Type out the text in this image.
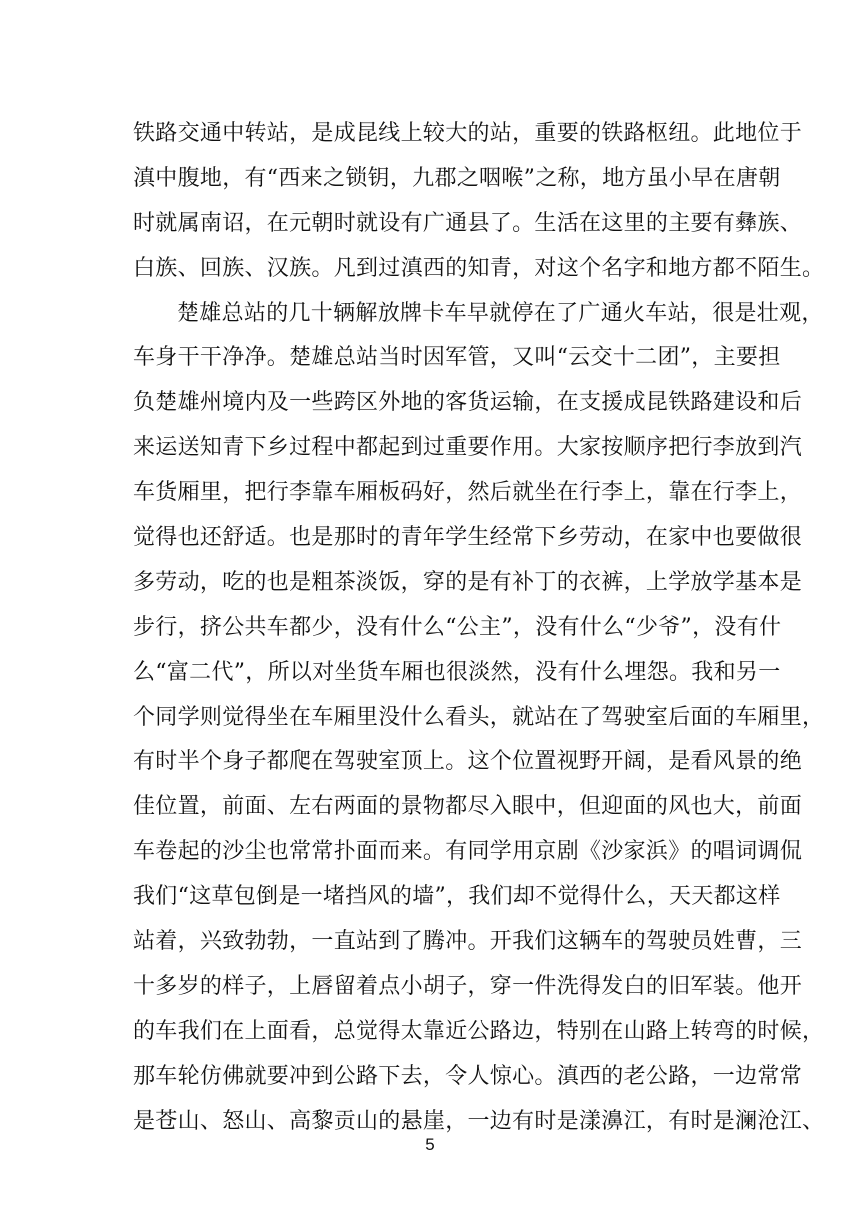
铁路交通中转站，是成昆线上较大的站，重要的铁路枢纽。此地位于
滇中腹地，有“西来之锁钥，九郡之咽喉”之称，地方虽小早在唐朝
时就属南诏，在元朝时就设有广通县了。生活在这里的主要有彝族、
白族、回族、汉族。凡到过滇西的知青，对这个名字和地方都不陌生。
楚雄总站的几十辆解放牌卡车早就停在了广通火车站，很是壮观，
车身干干净净。楚雄总站当时因军管，又叫“云交十二团”，主要担
负楚雄州境内及一些跨区外地的客货运输，在支援成昆铁路建设和后
来运送知青下乡过程中都起到过重要作用。大家按顺序把行李放到汽
车货厢里，把行李靠车厢板码好，然后就坐在行李上，靠在行李上，
觉得也还舒适。也是那时的青年学生经常下乡劳动，在家中也要做很
多劳动，吃的也是粗茶淡饭，穿的是有补丁的衣裤，上学放学基本是
步行，挤公共车都少，没有什么“公主”，没有什么“少爷”，没有什
么“富二代”，所以对坐货车厢也很淡然，没有什么埋怨。我和另一
个同学则觉得坐在车厢里没什么看头，就站在了驾驶室后面的车厢里，
有时半个身子都爬在驾驶室顶上。这个位置视野开阔，是看风景的绝
佳位置，前面、左右两面的景物都尽入眼中，但迎面的风也大，前面
车卷起的沙尘也常常扑面而来。有同学用京剧《沙家浜》的唱词调侃
我们“这草包倒是一堵挡风的墙”，我们却不觉得什么，天天都这样
站着，兴致勃勃，一直站到了腾冲。开我们这辆车的驾驶员姓曹，三
十多岁的样子，上唇留着点小胡子，穿一件洗得发白的旧军装。他开
的车我们在上面看，总觉得太靠近公路边，特别在山路上转弯的时候，
那车轮仿佛就要冲到公路下去，令人惊心。滇西的老公路，一边常常
是苍山、怒山、高黎贡山的悬崖，一边有时是漾濞江，有时是澜沧江、
5
